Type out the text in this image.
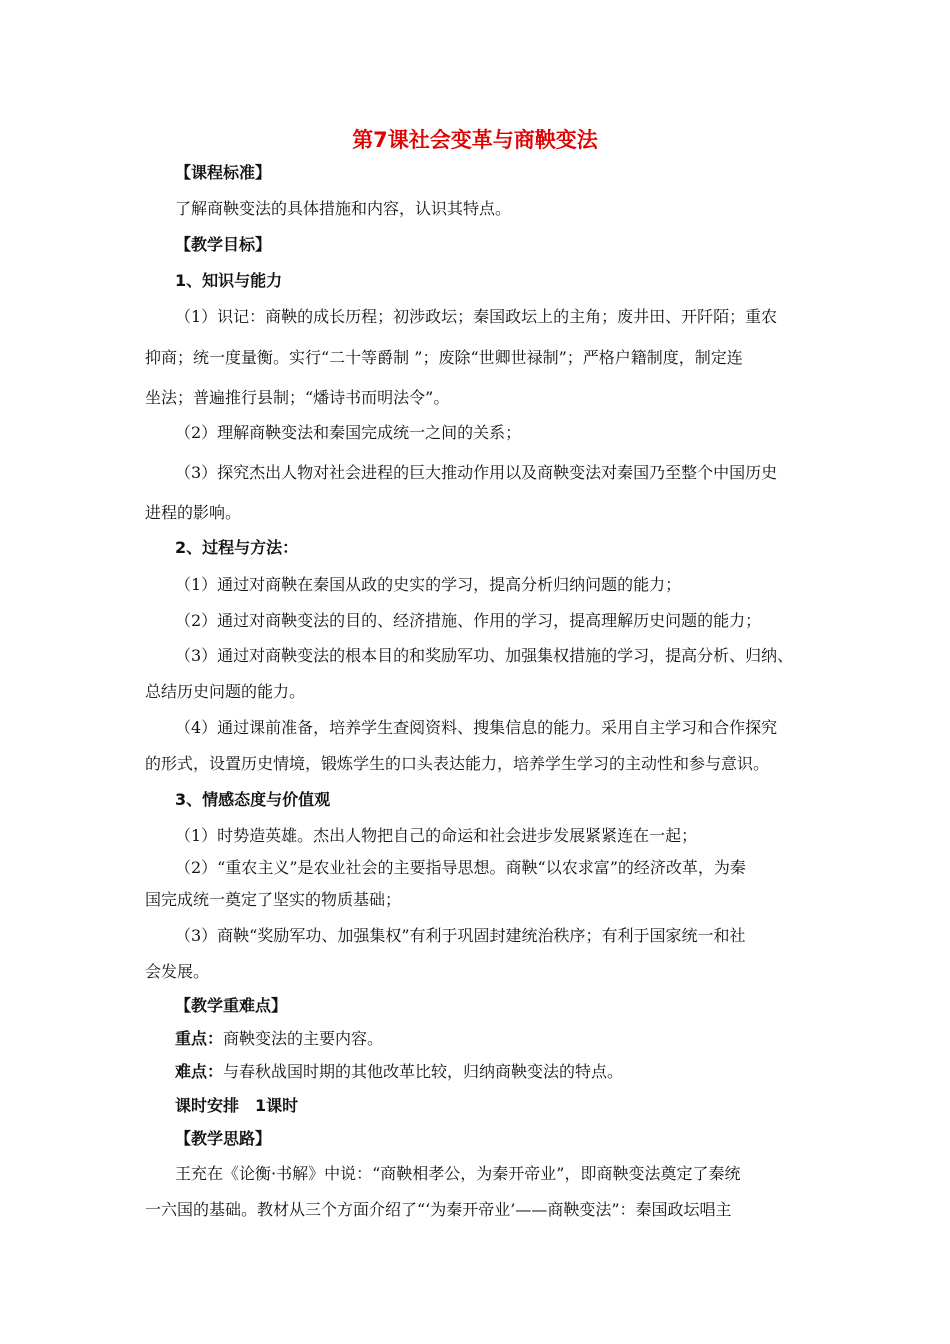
第7课社会变革与商鞅变法
【课程标准】
了解商鞅变法的具体措施和内容，认识其特点。
【教学目标】
1、知识与能力
（1）识记：商鞅的成长历程；初涉政坛；秦国政坛上的主角；废井田、开阡陌；重农
抑商；统一度量衡。实行“二十等爵制 ”；废除“世卿世禄制”；严格户籍制度，制定连
坐法；普遍推行县制；“燔诗书而明法令”。
（2）理解商鞅变法和秦国完成统一之间的关系；
（3）探究杰出人物对社会进程的巨大推动作用以及商鞅变法对秦国乃至整个中国历史
进程的影响。
2、过程与方法：
（1）通过对商鞅在秦国从政的史实的学习，提高分析归纳问题的能力；
（2）通过对商鞅变法的目的、经济措施、作用的学习，提高理解历史问题的能力；
（3）通过对商鞅变法的根本目的和奖励军功、加强集权措施的学习，提高分析、归纳、
总结历史问题的能力。
（4）通过课前准备，培养学生查阅资料、搜集信息的能力。采用自主学习和合作探究
的形式，设置历史情境，锻炼学生的口头表达能力，培养学生学习的主动性和参与意识。
3、情感态度与价值观
（1）时势造英雄。杰出人物把自己的命运和社会进步发展紧紧连在一起；
（2）“重农主义”是农业社会的主要指导思想。商鞅“以农求富”的经济改革，为秦
国完成统一奠定了坚实的物质基础；
（3）商鞅“奖励军功、加强集权”有利于巩固封建统治秩序；有利于国家统一和社
会发展。
【教学重难点】
重点：商鞅变法的主要内容。
难点：与春秋战国时期的其他改革比较，归纳商鞅变法的特点。
课时安排　1课时
【教学思路】
王充在《论衡·书解》中说：“商鞅相孝公，为秦开帝业”，即商鞅变法奠定了秦统
一六国的基础。教材从三个方面介绍了“‘为秦开帝业’——商鞅变法”：秦国政坛唱主
